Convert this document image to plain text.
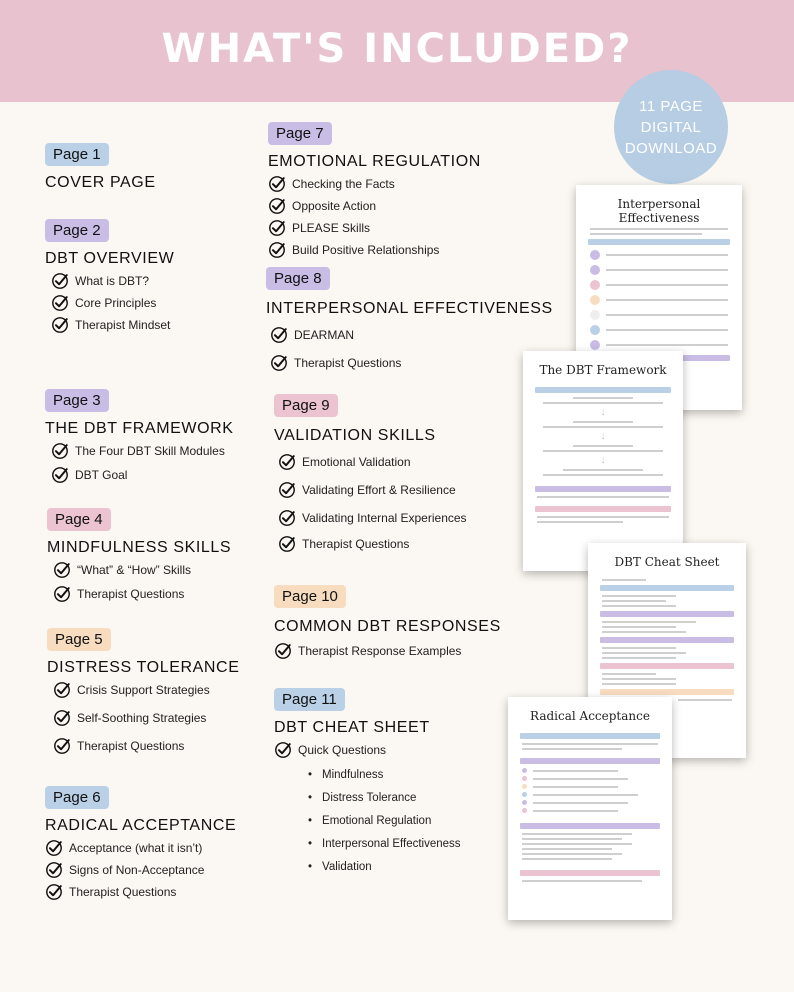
WHAT'S INCLUDED?
11 PAGE
DIGITAL
DOWNLOAD
Page 1
COVER PAGE
Page 2
DBT OVERVIEW
What is DBT?
Core Principles
Therapist Mindset
Page 3
THE DBT FRAMEWORK
The Four DBT Skill Modules
DBT Goal
Page 4
MINDFULNESS SKILLS
“What” & “How” Skills
Therapist Questions
Page 5
DISTRESS TOLERANCE
Crisis Support Strategies
Self-Soothing Strategies
Therapist Questions
Page 6
RADICAL ACCEPTANCE
Acceptance (what it isn’t)
Signs of Non-Acceptance
Therapist Questions
Page 7
EMOTIONAL REGULATION
Checking the Facts
Opposite Action
PLEASE Skills
Build Positive Relationships
Page 8
INTERPERSONAL EFFECTIVENESS
DEARMAN
Therapist Questions
Page 9
VALIDATION SKILLS
Emotional Validation
Validating Effort & Resilience
Validating Internal Experiences
Therapist Questions
Page 10
COMMON DBT RESPONSES
Therapist Response Examples
Page 11
DBT CHEAT SHEET
Quick Questions
• Mindfulness
• Distress Tolerance
• Emotional Regulation
• Interpersonal Effectiveness
• Validation
Interpersonal Effectiveness
The DBT Framework
↓
↓
↓
DBT Cheat Sheet
Radical Acceptance
